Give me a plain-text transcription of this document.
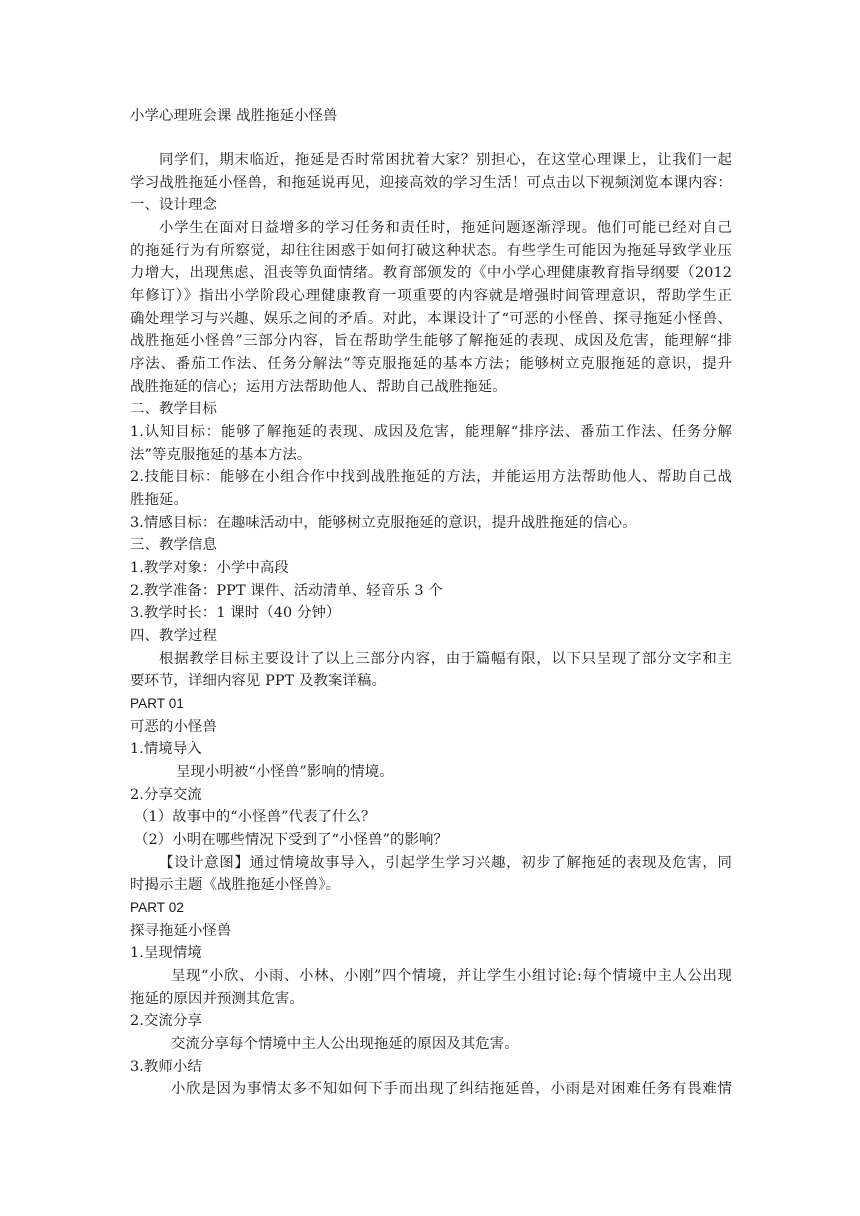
小学心理班会课 战胜拖延小怪兽
同学们，期末临近，拖延是否时常困扰着大家？别担心，在这堂心理课上，让我们一起
学习战胜拖延小怪兽，和拖延说再见，迎接高效的学习生活！可点击以下视频浏览本课内容：
一、设计理念
小学生在面对日益增多的学习任务和责任时，拖延问题逐渐浮现。他们可能已经对自己
的拖延行为有所察觉，却往往困惑于如何打破这种状态。有些学生可能因为拖延导致学业压
力增大，出现焦虑、沮丧等负面情绪。教育部颁发的《中小学心理健康教育指导纲要（2012
年修订）》指出小学阶段心理健康教育一项重要的内容就是增强时间管理意识，帮助学生正
确处理学习与兴趣、娱乐之间的矛盾。对此，本课设计了“可恶的小怪兽、探寻拖延小怪兽、
战胜拖延小怪兽”三部分内容，旨在帮助学生能够了解拖延的表现、成因及危害，能理解“排
序法、番茄工作法、任务分解法”等克服拖延的基本方法；能够树立克服拖延的意识，提升
战胜拖延的信心；运用方法帮助他人、帮助自己战胜拖延。
二、教学目标
1.认知目标：能够了解拖延的表现、成因及危害，能理解“排序法、番茄工作法、任务分解
法”等克服拖延的基本方法。
2.技能目标：能够在小组合作中找到战胜拖延的方法，并能运用方法帮助他人、帮助自己战
胜拖延。
3.情感目标：在趣味活动中，能够树立克服拖延的意识，提升战胜拖延的信心。
三、教学信息
1.教学对象：小学中高段
2.教学准备：PPT 课件、活动清单、轻音乐 3 个
3.教学时长：1 课时（40 分钟）
四、教学过程
根据教学目标主要设计了以上三部分内容，由于篇幅有限，以下只呈现了部分文字和主
要环节，详细内容见 PPT 及教案详稿。
PART 01
可恶的小怪兽
1.情境导入
呈现小明被“小怪兽”影响的情境。
2.分享交流
（1）故事中的“小怪兽”代表了什么？
（2）小明在哪些情况下受到了“小怪兽”的影响？
【设计意图】通过情境故事导入，引起学生学习兴趣，初步了解拖延的表现及危害，同
时揭示主题《战胜拖延小怪兽》。
PART 02
探寻拖延小怪兽
1.呈现情境
呈现“小欣、小雨、小林、小刚”四个情境，并让学生小组讨论:每个情境中主人公出现
拖延的原因并预测其危害。
2.交流分享
交流分享每个情境中主人公出现拖延的原因及其危害。
3.教师小结
小欣是因为事情太多不知如何下手而出现了纠结拖延兽，小雨是对困难任务有畏难情
